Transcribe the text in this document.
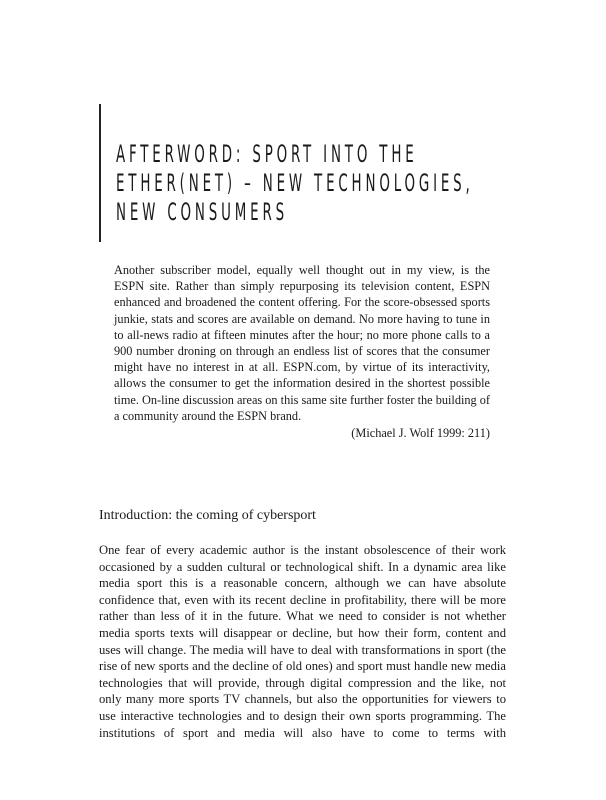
AFTERWORD: SPORT INTO THE
ETHER(NET) – NEW TECHNOLOGIES,
NEW CONSUMERS

Another subscriber model, equally well thought out in my view, is the ESPN site. Rather than simply repurposing its television content, ESPN enhanced and broadened the content offering. For the score-obsessed sports junkie, stats and scores are available on demand. No more having to tune in to all-news radio at fifteen minutes after the hour; no more phone calls to a 900 number droning on through an endless list of scores that the consumer might have no interest in at all. ESPN.com, by virtue of its interactivity, allows the consumer to get the information desired in the shortest possible time. On-line discussion areas on this same site further foster the building of a community around the ESPN brand.

(Michael J. Wolf 1999: 211)

Introduction: the coming of cybersport

One fear of every academic author is the instant obsolescence of their work occasioned by a sudden cultural or technological shift. In a dynamic area like media sport this is a reasonable concern, although we can have absolute confidence that, even with its recent decline in profitability, there will be more rather than less of it in the future. What we need to consider is not whether media sports texts will disappear or decline, but how their form, content and uses will change. The media will have to deal with transformations in sport (the rise of new sports and the decline of old ones) and sport must handle new media technologies that will provide, through digital compression and the like, not only many more sports TV channels, but also the opportunities for viewers to use interactive technologies and to design their own sports programming. The institutions of sport and media will also have to come to terms with
